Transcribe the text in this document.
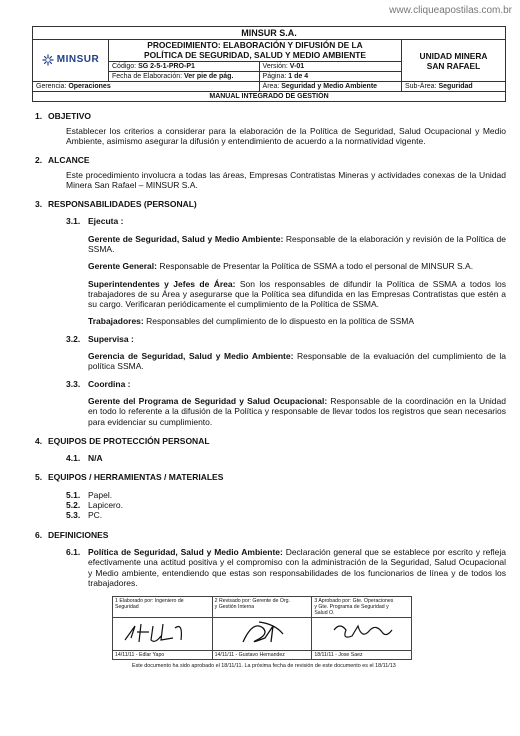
www.cliqueapostilas.com.br
MINSUR S.A.			

MINSUR	PROCEDIMIENTO: ELABORACIÓN Y DIFUSIÓN DE LA
POLÍTICA DE SEGURIDAD, SALUD Y MEDIO AMBIENTE		UNIDAD MINERA
SAN RAFAEL
	Código: SG 2-5-1-PRO-P1	Versión: V-01	
	Fecha de Elaboración: Ver pie de pág.	Página: 1 de 4	
Gerencia: Operaciones		Área: Seguridad y Medio Ambiente	Sub-Área: Seguridad
MANUAL INTEGRADO DE GESTIÓN			
1. OBJETIVO
Establecer los criterios a considerar para la elaboración de la Política de Seguridad, Salud Ocupacional y Medio Ambiente, asimismo asegurar la difusión y entendimiento de acuerdo a la normatividad vigente.
2. ALCANCE
Este procedimiento involucra a todas las áreas, Empresas Contratistas Mineras y actividades conexas de la Unidad Minera San Rafael – MINSUR S.A.
3. RESPONSABILIDADES (PERSONAL)
3.1. Ejecuta :
Gerente de Seguridad, Salud y Medio Ambiente: Responsable de la elaboración y revisión de la Política de SSMA.
Gerente General: Responsable de Presentar la Política de SSMA a todo el personal de MINSUR S.A.
Superintendentes y Jefes de Área: Son los responsables de difundir la Política de SSMA a todos los trabajadores de su Área y asegurarse que la Política sea difundida en las Empresas Contratistas que estén a su cargo. Verificaran periódicamente el cumplimiento de la Política de SSMA.
Trabajadores: Responsables del cumplimiento de lo dispuesto en la política de SSMA
3.2. Supervisa :
Gerencia de Seguridad, Salud y Medio Ambiente: Responsable de la evaluación del cumplimiento de la política SSMA.
3.3. Coordina :
Gerente del Programa de Seguridad y Salud Ocupacional: Responsable de la coordinación en la Unidad en todo lo referente a la difusión de la Política y responsable de llevar todos los registros que sean necesarios para evidenciar su cumplimiento.
4. EQUIPOS DE PROTECCIÓN PERSONAL
4.1. N/A
5. EQUIPOS / HERRAMIENTAS / MATERIALES
5.1. Papel.
5.2. Lapicero.
5.3. PC.
6. DEFINICIONES
6.1. Política de Seguridad, Salud y Medio Ambiente: Declaración general que se establece por escrito y refleja efectivamente una actitud positiva y el compromiso con la administración de la Seguridad, Salud Ocupacional y Medio ambiente, entendiendo que estas son responsabilidades de los funcionarios de línea y de todos los trabajadores.
1 Elaborado por: Ingeniero de
Seguridad	2 Revisado por: Gerente de Org.
y Gestión Interna	3 Aprobado por: Gte. Operaciones
y Gte. Programa de Seguridad y
Salud O.

14/11/11 - Edlar Yapo	14/11/11 - Gustavo Hernandez	18/11/11 - Jose Saez
Este documento ha sido aprobado el 18/11/11. La próxima fecha de revisión de este documento es el 18/11/13
